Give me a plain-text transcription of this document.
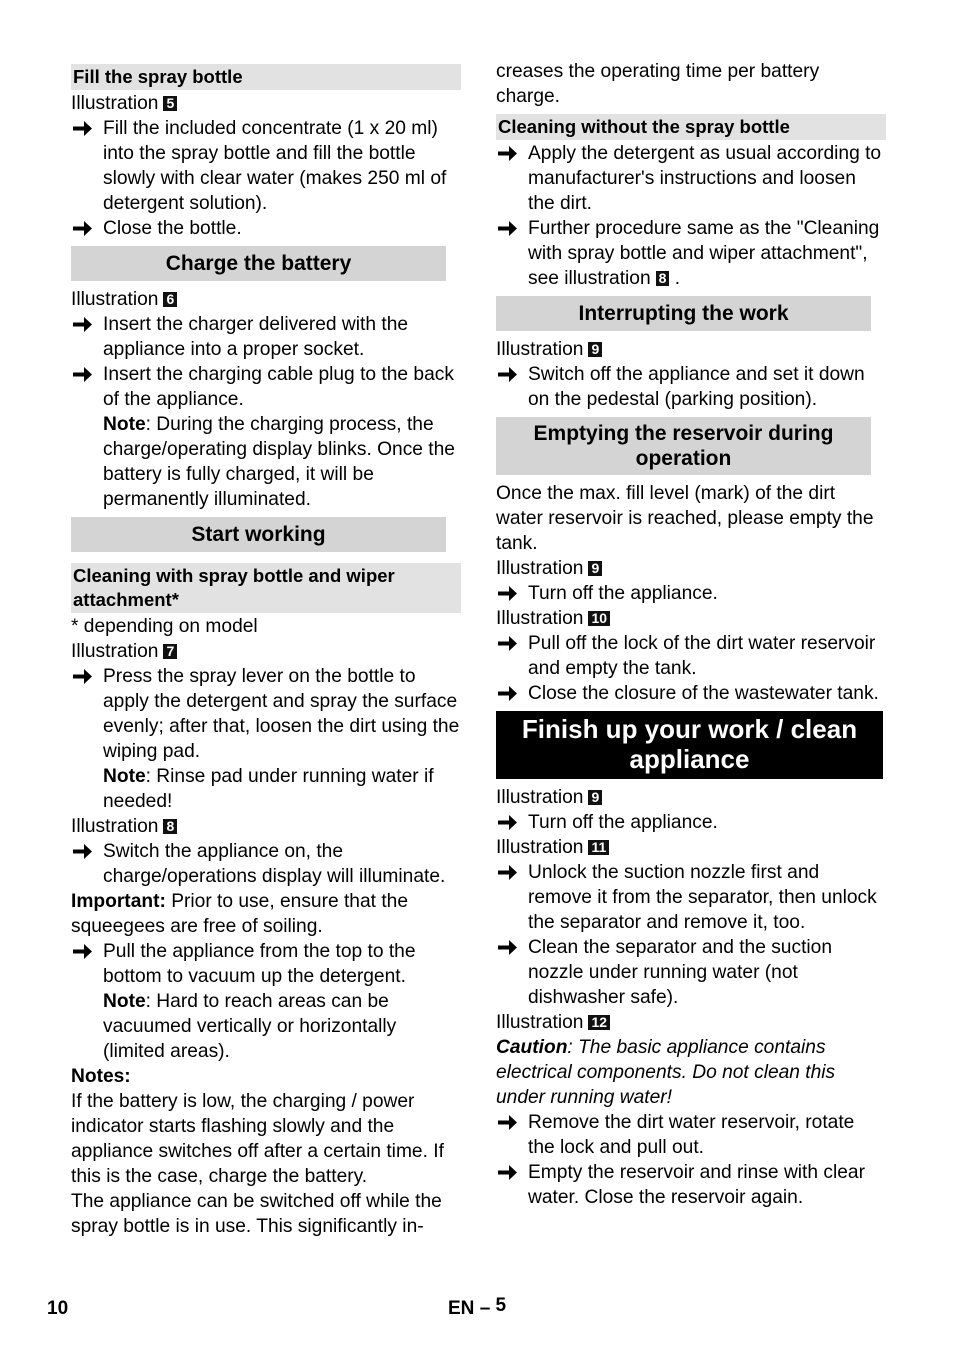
Fill the spray bottle

Illustration 5

Fill the included concentrate (1 x 20 ml) into the spray bottle and fill the bottle slowly with clear water (makes 250 ml of detergent solution).
Close the bottle.
Charge the battery

Illustration 6

Insert the charger delivered with the appliance into a proper socket.
Insert the charging cable plug to the back of the appliance.
Note: During the charging process, the charge/operating display blinks. Once the battery is fully charged, it will be permanently illuminated.
Start working
Cleaning with spray bottle and wiper attachment*

* depending on model

Illustration 7

Press the spray lever on the bottle to apply the detergent and spray the surface evenly; after that, loosen the dirt using the wiping pad.
Note: Rinse pad under running water if needed!

Illustration 8

Switch the appliance on, the charge/operations display will illuminate.

Important: Prior to use, ensure that the squeegees are free of soiling.

Pull the appliance from the top to the bottom to vacuum up the detergent.
Note: Hard to reach areas can be vacuumed vertically or horizontally (limited areas).

Notes:

If the battery is low, the charging / power indicator starts flashing slowly and the appliance switches off after a certain time. If this is the case, charge the battery.

The appliance can be switched off while the spray bottle is in use. This significantly in-

creases the operating time per battery charge.

Cleaning without the spray bottle
Apply the detergent as usual according to manufacturer's instructions and loosen the dirt.
Further procedure same as the "Cleaning with spray bottle and wiper attachment", see illustration 8 .
Interrupting the work

Illustration 9

Switch off the appliance and set it down on the pedestal (parking position).
Emptying the reservoir during operation

Once the max. fill level (mark) of the dirt water reservoir is reached, please empty the tank.

Illustration 9

Turn off the appliance.

Illustration 10

Pull off the lock of the dirt water reservoir and empty the tank.
Close the closure of the wastewater tank.
Finish up your work / clean appliance

Illustration 9

Turn off the appliance.

Illustration 11

Unlock the suction nozzle first and remove it from the separator, then unlock the separator and remove it, too.
Clean the separator and the suction nozzle under running water (not dishwasher safe).

Illustration 12

Caution: The basic appliance contains electrical components. Do not clean this under running water!

Remove the dirt water reservoir, rotate the lock and pull out.
Empty the reservoir and rinse with clear water. Close the reservoir again.
10	EN – 5
